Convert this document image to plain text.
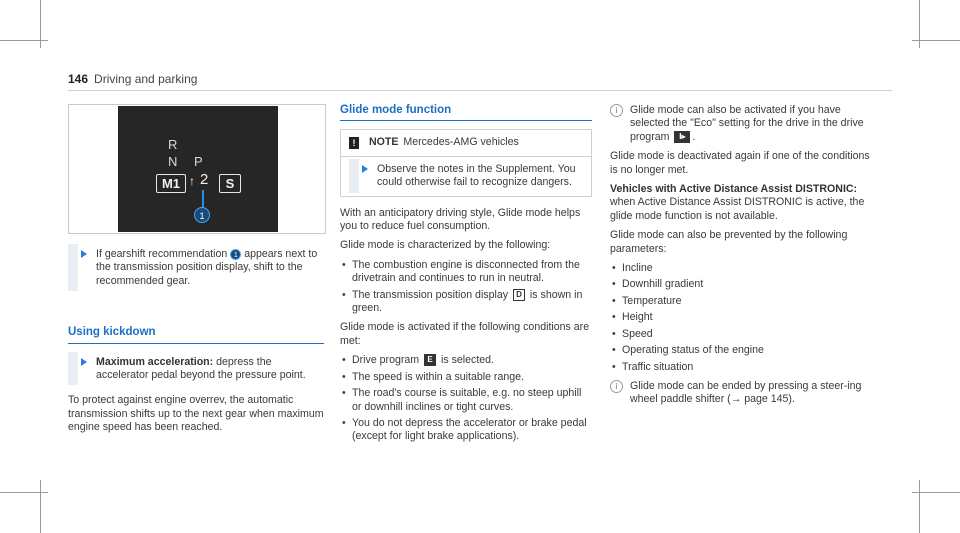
146 Driving and parking
R
N P
M1 ↑ 2	S
1
If gearshift recommendation 1 appears next to the transmission position display, shift to the recommended gear.
Using kickdown
Maximum acceleration: depress the accelerator pedal beyond the pressure point.

To protect against engine overrev, the automatic transmission shifts up to the next gear when maximum engine speed has been reached.

Glide mode function
! NOTE Mercedes-AMG vehicles
Observe the notes in the Supplement. You could otherwise fail to recognize dangers.

With an anticipatory driving style, Glide mode helps you to reduce fuel consumption.

Glide mode is characterized by the following:

• The combustion engine is disconnected from the drivetrain and continues to run in neutral.
• The transmission position display D is shown in green.

Glide mode is activated if the following conditions are met:

• Drive program E is selected.
• The speed is within a suitable range.
• The road's course is suitable, e.g. no steep uphill or downhill inclines or tight curves.
• You do not depress the accelerator or brake pedal (except for light brake applications).
i	Glide mode can also be activated if you have selected the "Eco" setting for the drive in the drive program I▸ .

Glide mode is deactivated again if one of the conditions is no longer met.

Vehicles with Active Distance Assist DISTRONIC: when Active Distance Assist DISTRONIC is active, the glide mode function is not available.

Glide mode can also be prevented by the following parameters:

• Incline
• Downhill gradient
• Temperature
• Height
• Speed
• Operating status of the engine
• Traffic situation
i	Glide mode can be ended by pressing a steer-ing wheel paddle shifter (→ page 145).
